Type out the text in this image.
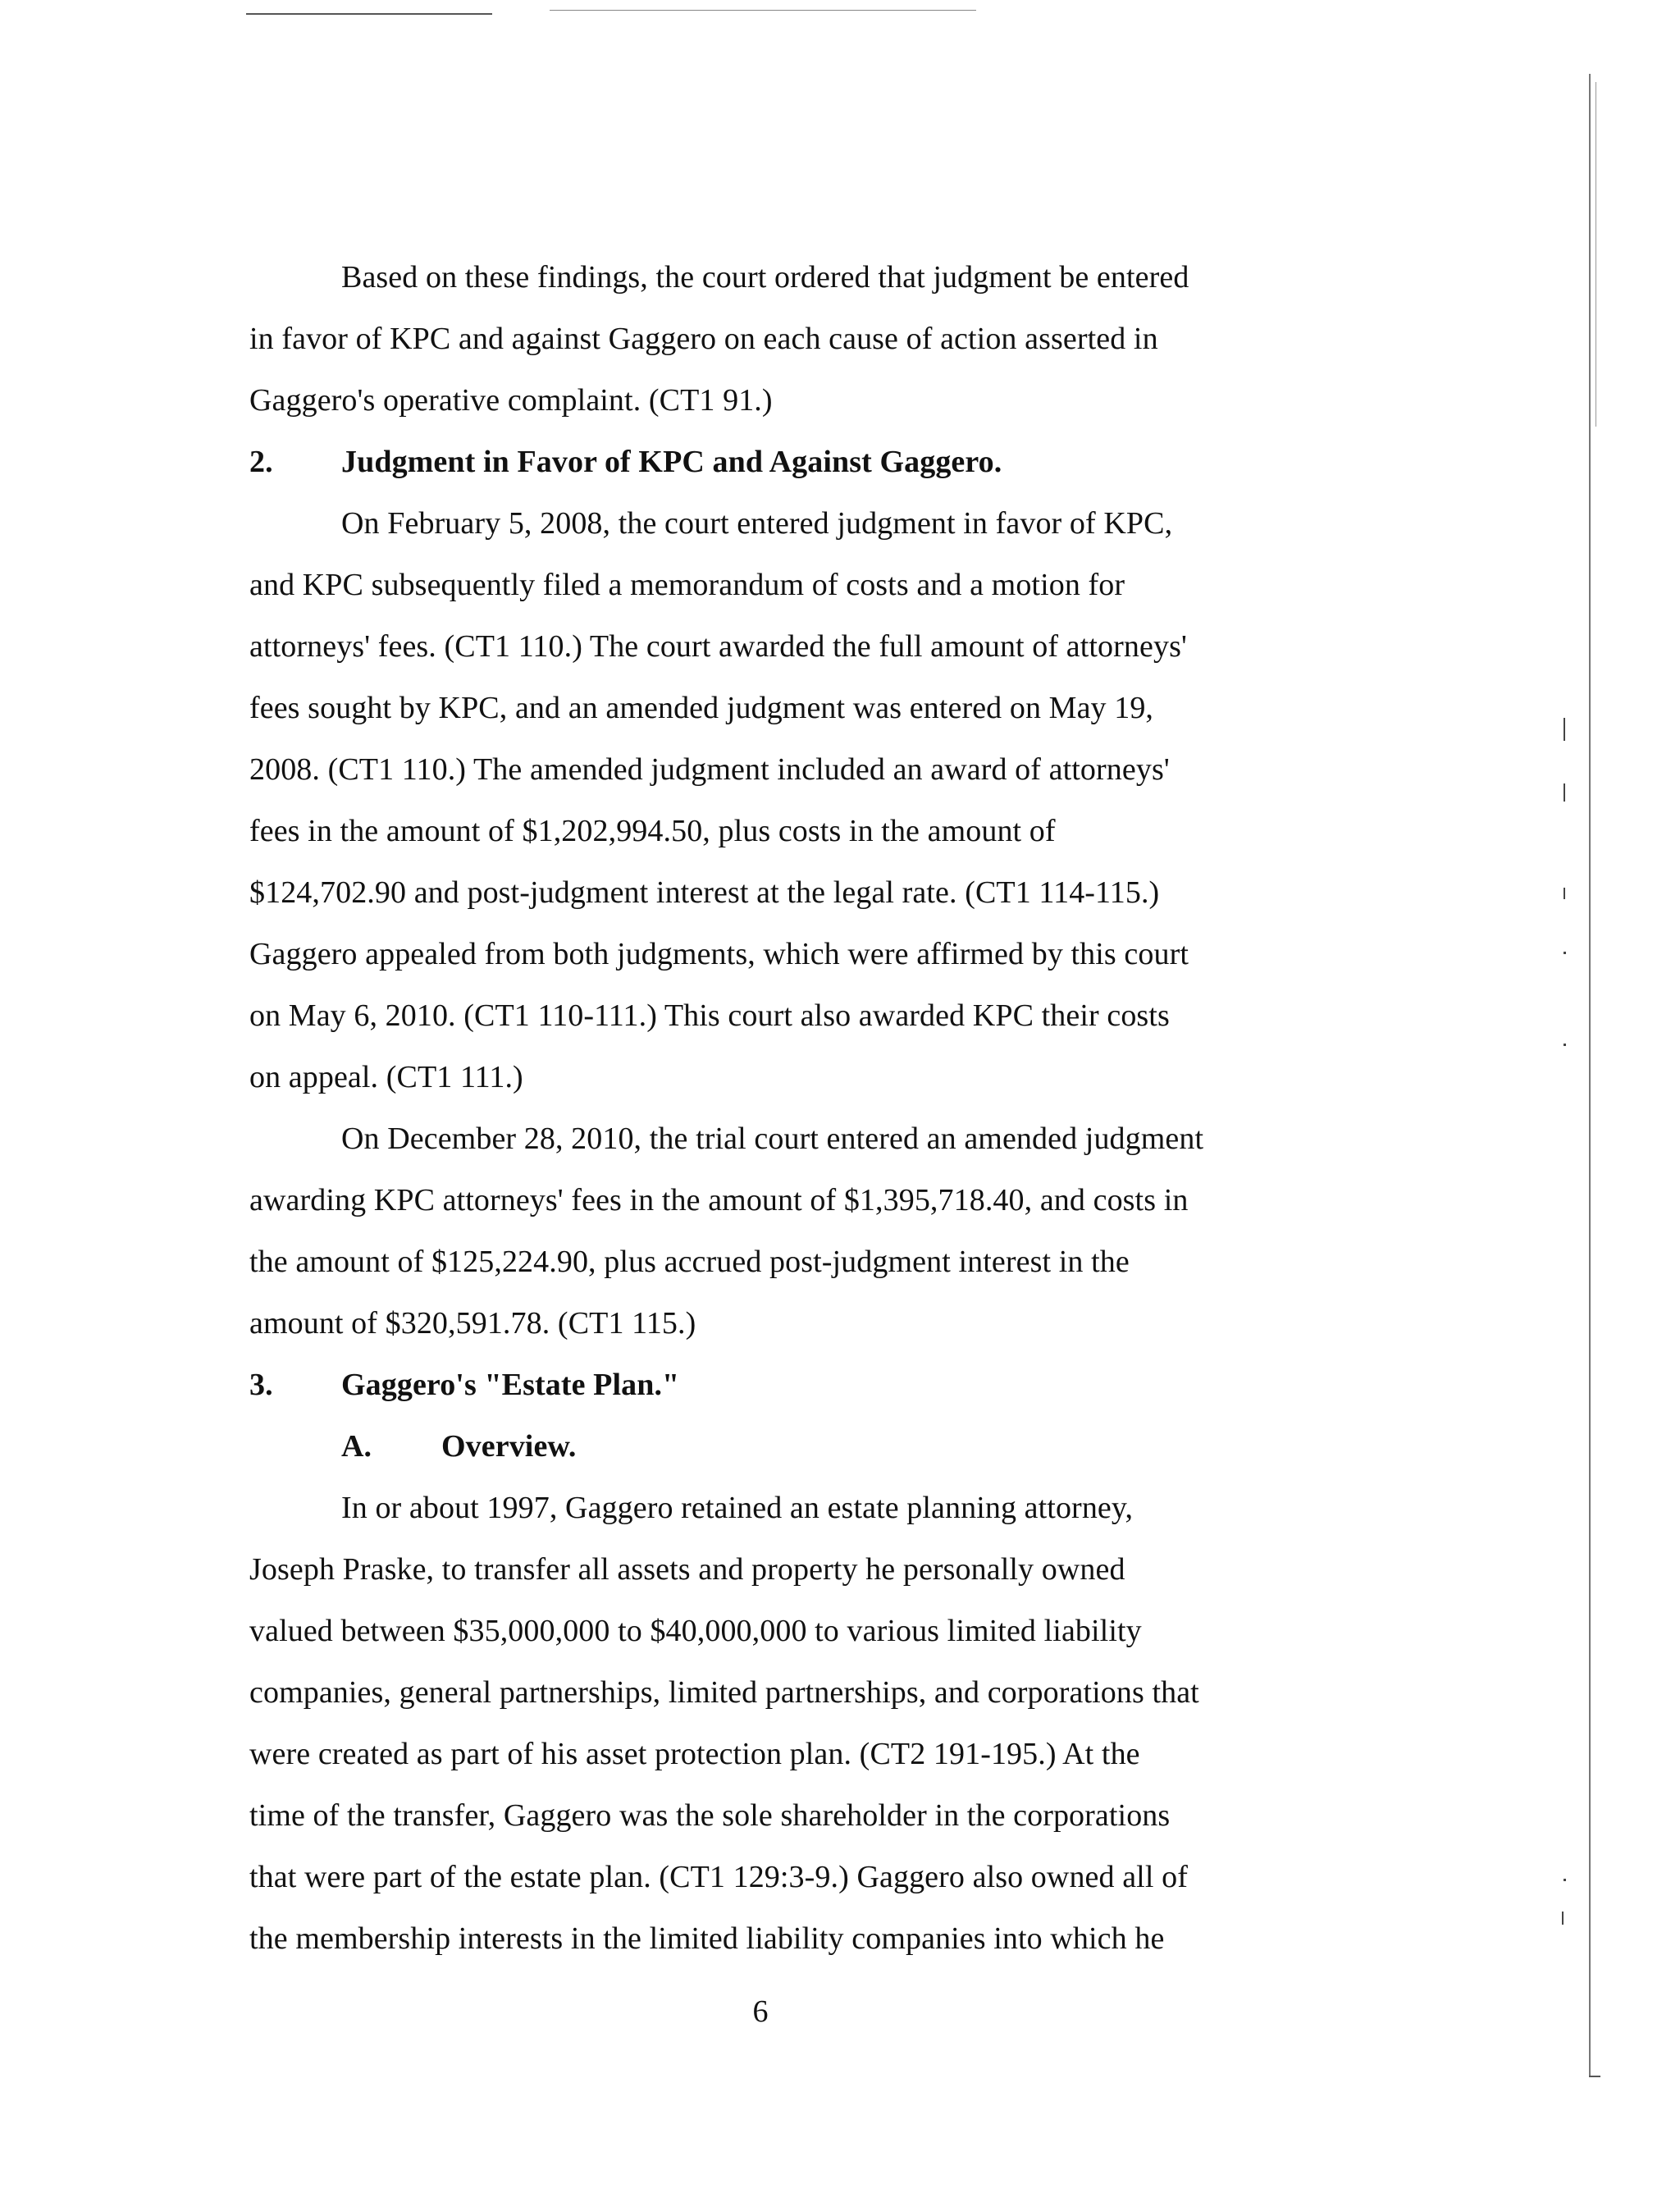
Based on these findings, the court ordered that judgment be entered
in favor of KPC and against Gaggero on each cause of action asserted in
Gaggero's operative complaint. (CT1 91.)
2. Judgment in Favor of KPC and Against Gaggero.
On February 5, 2008, the court entered judgment in favor of KPC,
and KPC subsequently filed a memorandum of costs and a motion for
attorneys' fees. (CT1 110.) The court awarded the full amount of attorneys'
fees sought by KPC, and an amended judgment was entered on May 19,
2008. (CT1 110.) The amended judgment included an award of attorneys'
fees in the amount of $1,202,994.50, plus costs in the amount of
$124,702.90 and post-judgment interest at the legal rate. (CT1 114-115.)
Gaggero appealed from both judgments, which were affirmed by this court
on May 6, 2010. (CT1 110-111.) This court also awarded KPC their costs
on appeal. (CT1 111.)
On December 28, 2010, the trial court entered an amended judgment
awarding KPC attorneys' fees in the amount of $1,395,718.40, and costs in
the amount of $125,224.90, plus accrued post-judgment interest in the
amount of $320,591.78. (CT1 115.)
3. Gaggero's "Estate Plan."
A. Overview.
In or about 1997, Gaggero retained an estate planning attorney,
Joseph Praske, to transfer all assets and property he personally owned
valued between $35,000,000 to $40,000,000 to various limited liability
companies, general partnerships, limited partnerships, and corporations that
were created as part of his asset protection plan. (CT2 191-195.) At the
time of the transfer, Gaggero was the sole shareholder in the corporations
that were part of the estate plan. (CT1 129:3-9.) Gaggero also owned all of
the membership interests in the limited liability companies into which he
6
